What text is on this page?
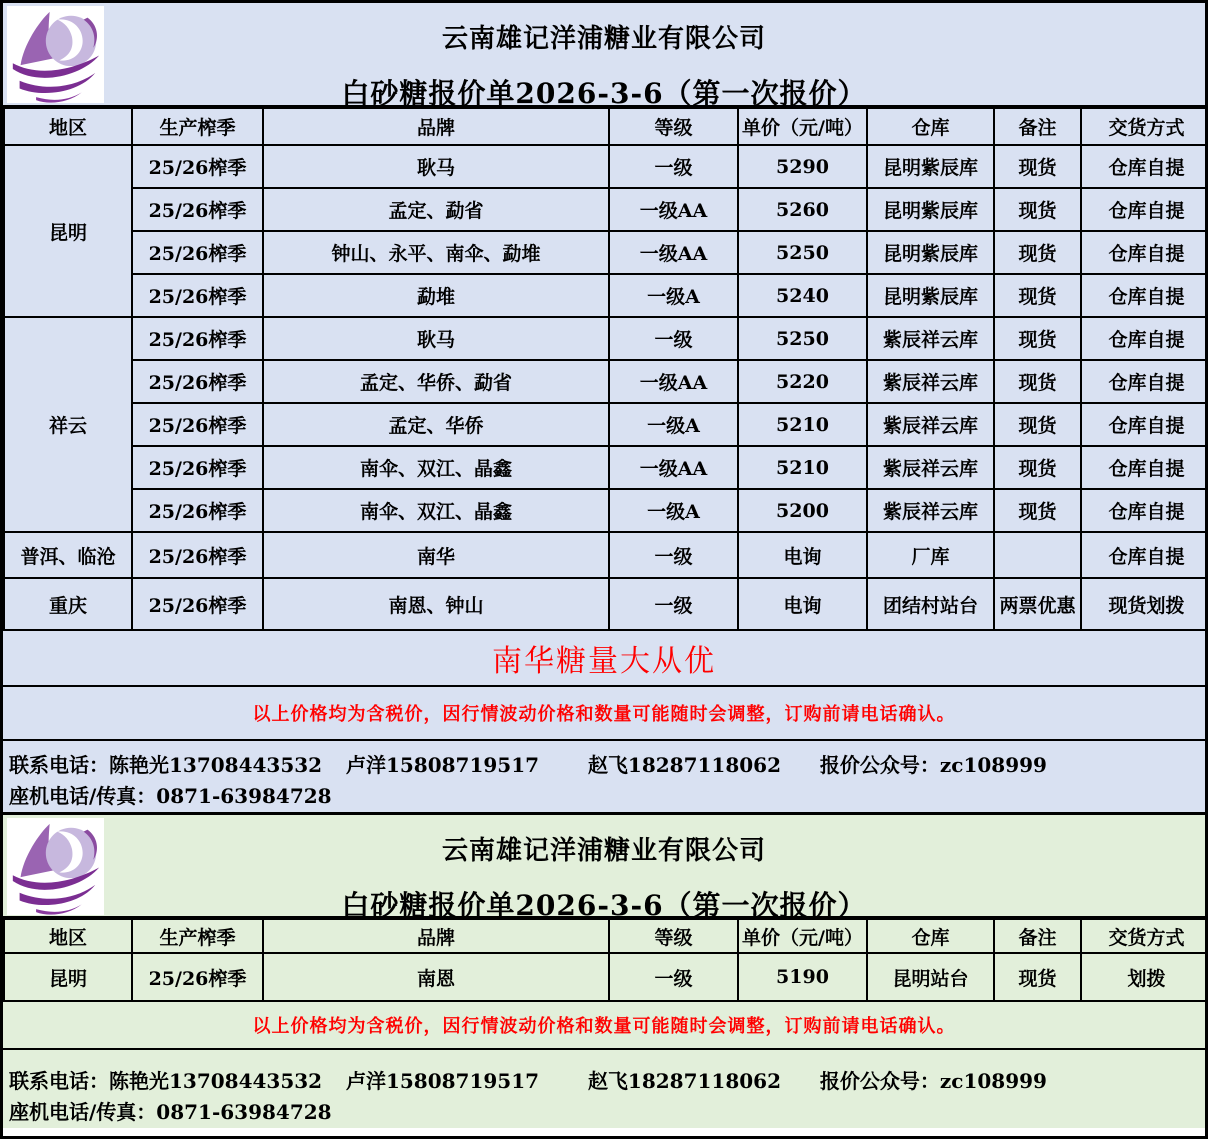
云南雄记洋浦糖业有限公司
白砂糖报价单2026-3-6（第一次报价）
地区	生产榨季	品牌	等级	单价（元/吨）	仓库	备注	交货方式
昆明	25/26榨季	耿马	一级	5290	昆明紫辰库	现货	仓库自提
	25/26榨季	孟定、勐省	一级AA	5260	昆明紫辰库	现货	仓库自提
	25/26榨季	钟山、永平、南伞、勐堆	一级AA	5250	昆明紫辰库	现货	仓库自提
	25/26榨季	勐堆	一级A	5240	昆明紫辰库	现货	仓库自提
祥云	25/26榨季	耿马	一级	5250	紫辰祥云库	现货	仓库自提
	25/26榨季	孟定、华侨、勐省	一级AA	5220	紫辰祥云库	现货	仓库自提
	25/26榨季	孟定、华侨	一级A	5210	紫辰祥云库	现货	仓库自提
	25/26榨季	南伞、双江、晶鑫	一级AA	5210	紫辰祥云库	现货	仓库自提
	25/26榨季	南伞、双江、晶鑫	一级A	5200	紫辰祥云库	现货	仓库自提
普洱、临沧	25/26榨季	南华	一级	电询	厂库		仓库自提
重庆	25/26榨季	南恩、钟山	一级	电询	团结村站台	两票优惠	现货划拨
南华糖量大从优
以上价格均为含税价，因行情波动价格和数量可能随时会调整，订购前请电话确认。
联系电话：陈艳光13708443532 卢洋15808719517 赵飞18287118062 报价公众号：zc108999
座机电话/传真：0871-63984728
云南雄记洋浦糖业有限公司
白砂糖报价单2026-3-6（第一次报价）
地区	生产榨季	品牌	等级	单价（元/吨）	仓库	备注	交货方式
昆明	25/26榨季	南恩	一级	5190	昆明站台	现货	划拨
以上价格均为含税价，因行情波动价格和数量可能随时会调整，订购前请电话确认。
联系电话：陈艳光13708443532 卢洋15808719517 赵飞18287118062 报价公众号：zc108999
座机电话/传真：0871-63984728
